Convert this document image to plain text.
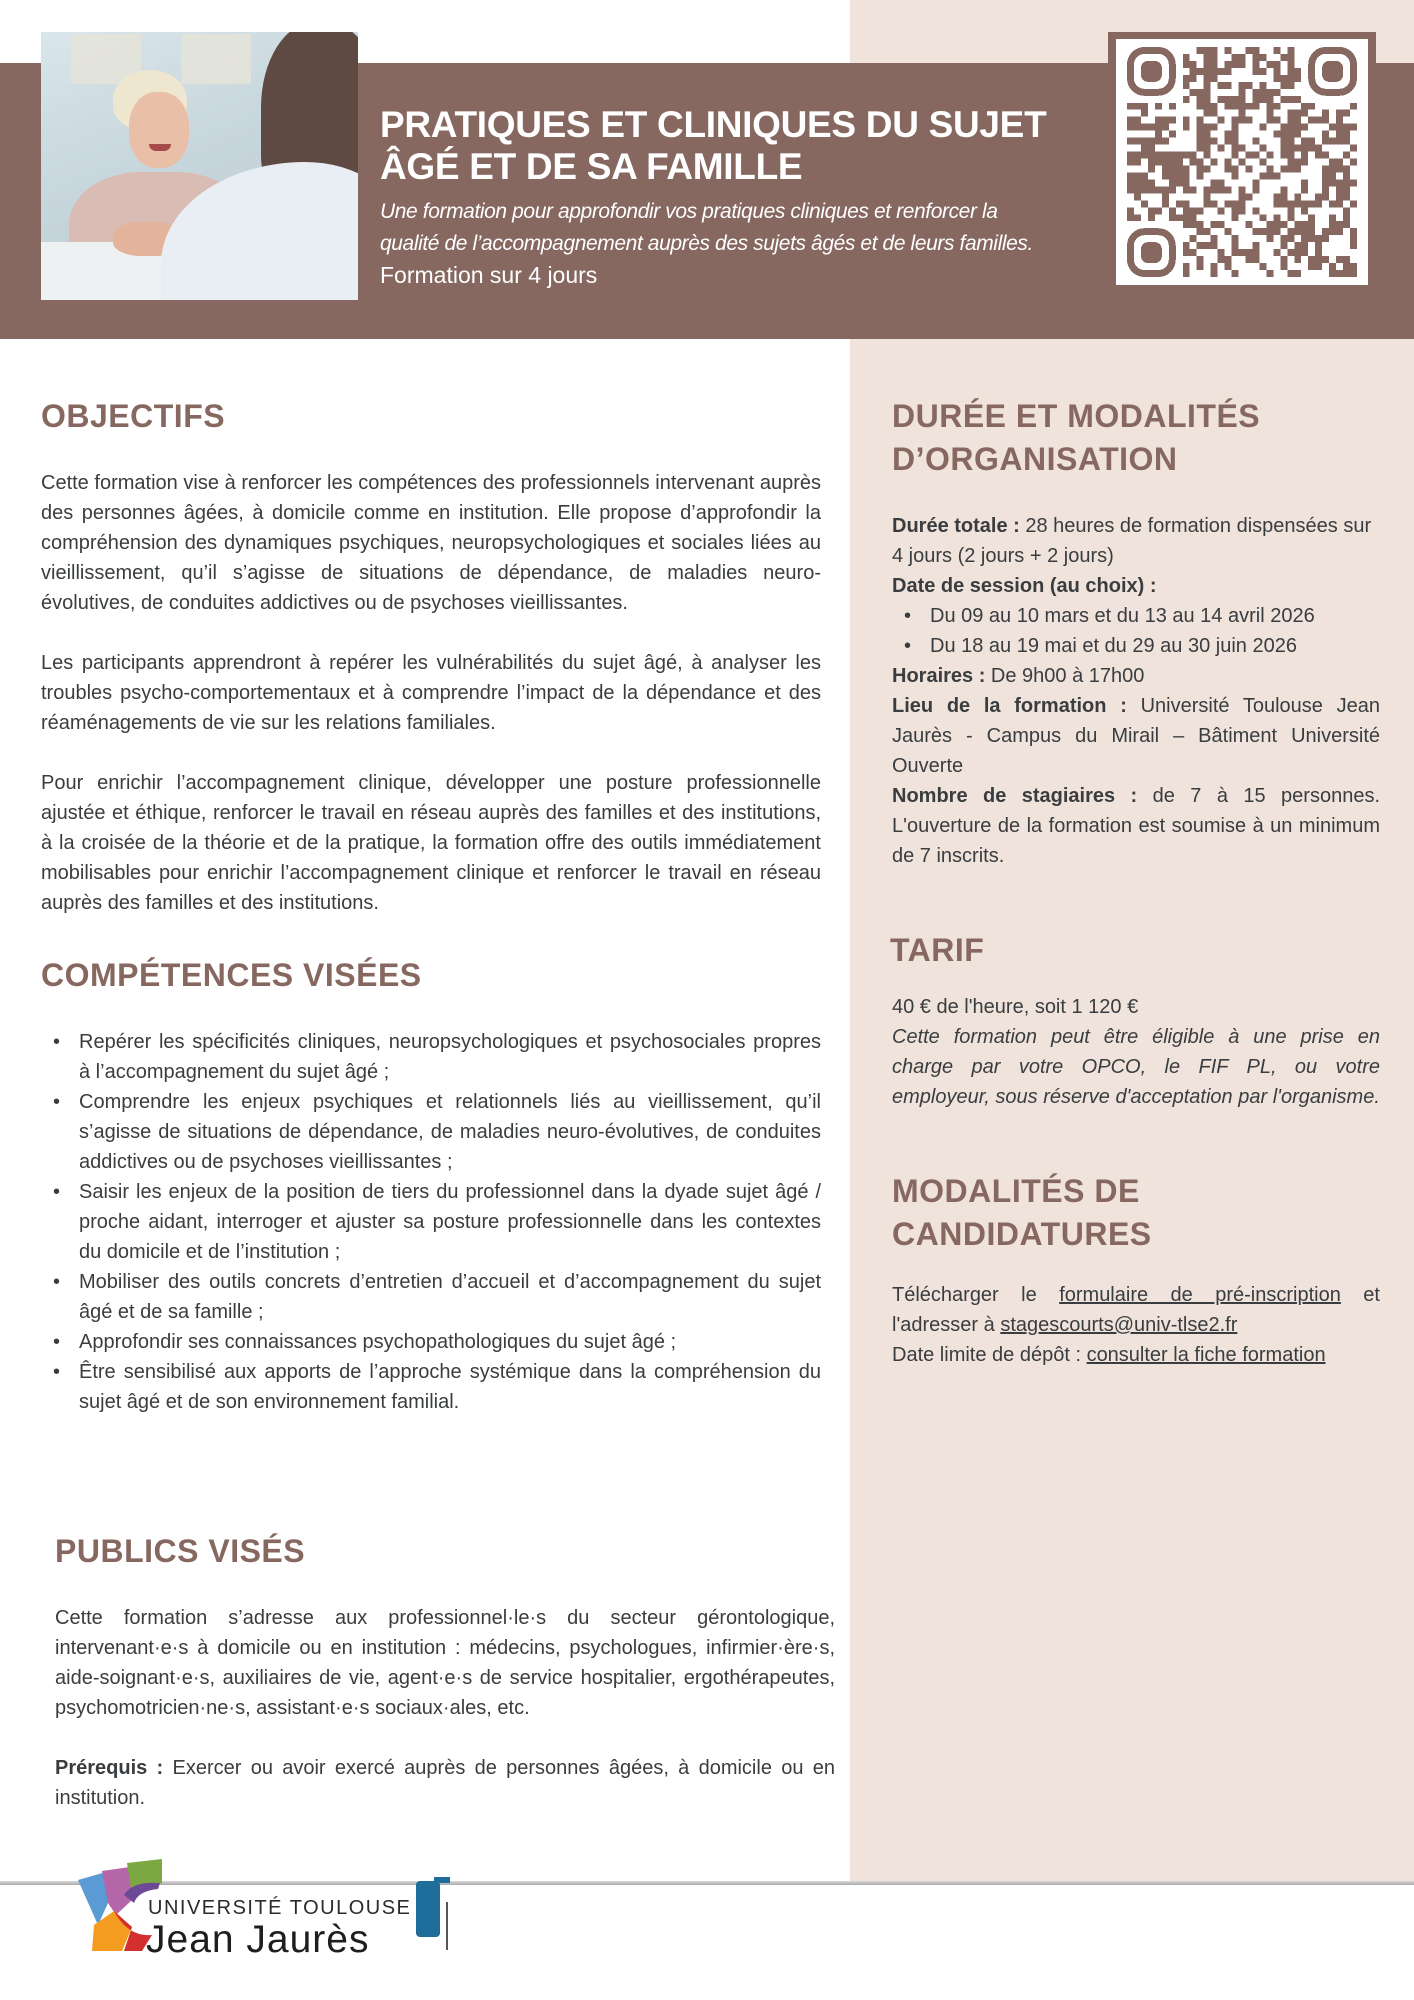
PRATIQUES ET CLINIQUES DU SUJET
ÂGÉ ET DE SA FAMILLE
Une formation pour approfondir vos pratiques cliniques et renforcer la
qualité de l’accompagnement auprès des sujets âgés et de leurs familles.
Formation sur 4 jours
OBJECTIFS

Cette formation vise à renforcer les compétences des professionnels intervenant auprès des personnes âgées, à domicile comme en institution. Elle propose d’approfondir la compréhension des dynamiques psychiques, neuropsychologiques et sociales liées au vieillissement, qu’il s’agisse de situations de dépendance, de maladies neuro-évolutives, de conduites addictives ou de psychoses vieillissantes.

Les participants apprendront à repérer les vulnérabilités du sujet âgé, à analyser les troubles psycho-comportementaux et à comprendre l’impact de la dépendance et des réaménagements de vie sur les relations familiales.

Pour enrichir l’accompagnement clinique, développer une posture professionnelle ajustée et éthique, renforcer le travail en réseau auprès des familles et des institutions, à la croisée de la théorie et de la pratique, la formation offre des outils immédiatement mobilisables pour enrichir l’accompagnement clinique et renforcer le travail en réseau auprès des familles et des institutions.

COMPÉTENCES VISÉES
• Repérer les spécificités cliniques, neuropsychologiques et psychosociales propres à l’accompagnement du sujet âgé ;
• Comprendre les enjeux psychiques et relationnels liés au vieillissement, qu’il s’agisse de situations de dépendance, de maladies neuro-évolutives, de conduites addictives ou de psychoses vieillissantes ;
• Saisir les enjeux de la position de tiers du professionnel dans la dyade sujet âgé / proche aidant, interroger et ajuster sa posture professionnelle dans les contextes du domicile et de l’institution ;
• Mobiliser des outils concrets d’entretien d’accueil et d’accompagnement du sujet âgé et de sa famille ;
• Approfondir ses connaissances psychopathologiques du sujet âgé ;
• Être sensibilisé aux apports de l’approche systémique dans la compréhension du sujet âgé et de son environnement familial.
PUBLICS VISÉS

Cette formation s’adresse aux professionnel·le·s du secteur gérontologique, intervenant·e·s à domicile ou en institution : médecins, psychologues, infirmier·ère·s, aide-soignant·e·s, auxiliaires de vie, agent·e·s de service hospitalier, ergothérapeutes, psychomotricien·ne·s, assistant·e·s sociaux·ales, etc.

Prérequis : Exercer ou avoir exercé auprès de personnes âgées, à domicile ou en institution.

DURÉE ET MODALITÉS
D’ORGANISATION

Durée totale : 28 heures de formation dispensées sur 4 jours (2 jours + 2 jours)

Date de session (au choix) :

• Du 09 au 10 mars et du 13 au 14 avril 2026
• Du 18 au 19 mai et du 29 au 30 juin 2026

Horaires : De 9h00 à 17h00

Lieu de la formation : Université Toulouse Jean Jaurès - Campus du Mirail – Bâtiment Université Ouverte

Nombre de stagiaires : de 7 à 15 personnes. L'ouverture de la formation est soumise à un minimum de 7 inscrits.

TARIF

40 € de l'heure, soit 1 120 €

Cette formation peut être éligible à une prise en charge par votre OPCO, le FIF PL, ou votre employeur, sous réserve d'acceptation par l'organisme.

MODALITÉS DE
CANDIDATURES

Télécharger le formulaire de pré-inscription et l'adresser à stagescourts@univ-tlse2.fr

Date limite de dépôt : consulter la fiche formation

UNIVERSITÉ TOULOUSE
Jean Jaurès
